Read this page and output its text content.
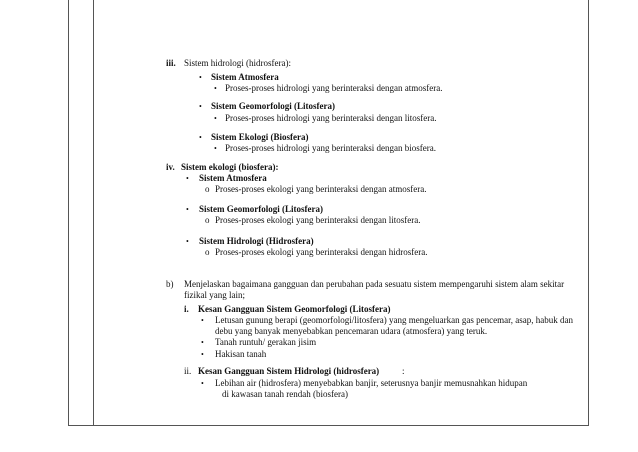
iii. Sistem hidrologi (hidrosfera):
• Sistem Atmosfera
• Proses-proses hidrologi yang berinteraksi dengan atmosfera.
• Sistem Geomorfologi (Litosfera)
• Proses-proses hidrologi yang berinteraksi dengan litosfera.
• Sistem Ekologi (Biosfera)
• Proses-proses hidrologi yang berinteraksi dengan biosfera.
iv. Sistem ekologi (biosfera):
• Sistem Atmosfera
o Proses-proses ekologi yang berinteraksi dengan atmosfera.
• Sistem Geomorfologi (Litosfera)
o Proses-proses ekologi yang berinteraksi dengan litosfera.
• Sistem Hidrologi (Hidrosfera)
o Proses-proses ekologi yang berinteraksi dengan hidrosfera.
b) Menjelaskan bagaimana gangguan dan perubahan pada sesuatu sistem mempengaruhi sistem alam sekitar
fizikal yang lain;
i. Kesan Gangguan Sistem Geomorfologi (Litosfera)
• Letusan gunung berapi (geomorfologi/litosfera) yang mengeluarkan gas pencemar, asap, habuk dan
debu yang banyak menyebabkan pencemaran udara (atmosfera) yang teruk.
• Tanah runtuh/ gerakan jisim
• Hakisan tanah
ii. Kesan Gangguan Sistem Hidrologi (hidrosfera)	:
• Lebihan air (hidrosfera) menyebabkan banjir, seterusnya banjir memusnahkan hidupan
di kawasan tanah rendah (biosfera)
